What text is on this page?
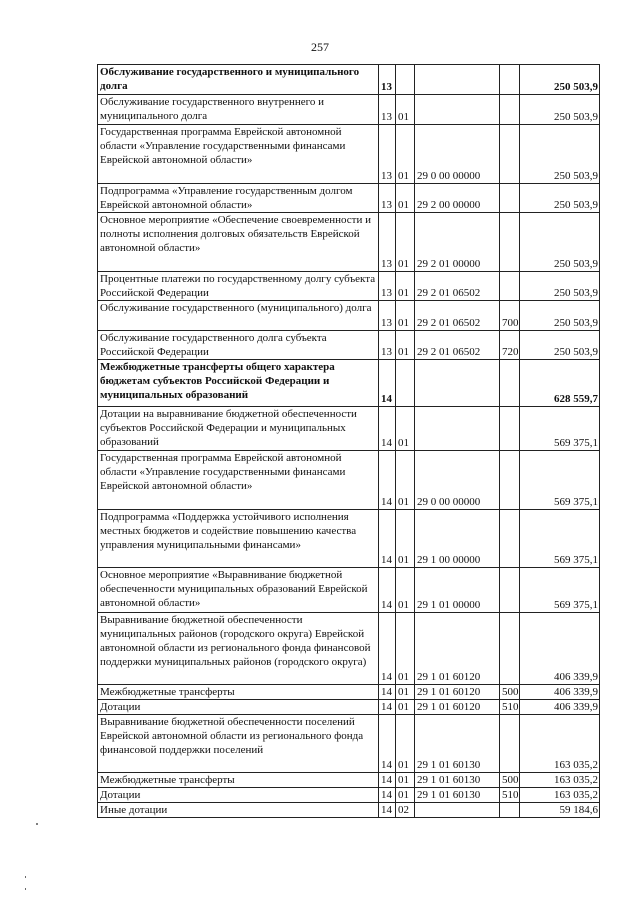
257
Обслуживание государственного и муниципального долга	13				250 503,9
Обслуживание государственного внутреннего и муниципального долга	13	01			250 503,9
Государственная программа Еврейской автономной области «Управление государственными финансами Еврейской автономной области»	13	01	29 0 00 00000		250 503,9
Подпрограмма «Управление государственным долгом Еврейской автономной области»	13	01	29 2 00 00000		250 503,9
Основное мероприятие «Обеспечение своевременности и полноты исполнения долговых обязательств Еврейской автономной области»	13	01	29 2 01 00000		250 503,9
Процентные платежи по государственному долгу субъекта Российской Федерации	13	01	29 2 01 06502		250 503,9
Обслуживание государственного (муниципального) долга	13	01	29 2 01 06502	700	250 503,9
Обслуживание государственного долга субъекта Российской Федерации	13	01	29 2 01 06502	720	250 503,9
Межбюджетные трансферты общего характера бюджетам субъектов Российской Федерации и муниципальных образований	14				628 559,7
Дотации на выравнивание бюджетной обеспеченности субъектов Российской Федерации и муниципальных образований	14	01			569 375,1
Государственная программа Еврейской автономной области «Управление государственными финансами Еврейской автономной области»	14	01	29 0 00 00000		569 375,1
Подпрограмма «Поддержка устойчивого исполнения местных бюджетов и содействие повышению качества управления муниципальными финансами»	14	01	29 1 00 00000		569 375,1
Основное мероприятие «Выравнивание бюджетной обеспеченности муниципальных образований Еврейской автономной области»	14	01	29 1 01 00000		569 375,1
Выравнивание бюджетной обеспеченности муниципальных районов (городского округа) Еврейской автономной области из регионального фонда финансовой поддержки муниципальных районов (городского округа)	14	01	29 1 01 60120		406 339,9
Межбюджетные трансферты	14	01	29 1 01 60120	500	406 339,9
Дотации	14	01	29 1 01 60120	510	406 339,9
Выравнивание бюджетной обеспеченности поселений Еврейской автономной области из регионального фонда финансовой поддержки поселений	14	01	29 1 01 60130		163 035,2
Межбюджетные трансферты	14	01	29 1 01 60130	500	163 035,2
Дотации	14	01	29 1 01 60130	510	163 035,2
Иные дотации	14	02			59 184,6
